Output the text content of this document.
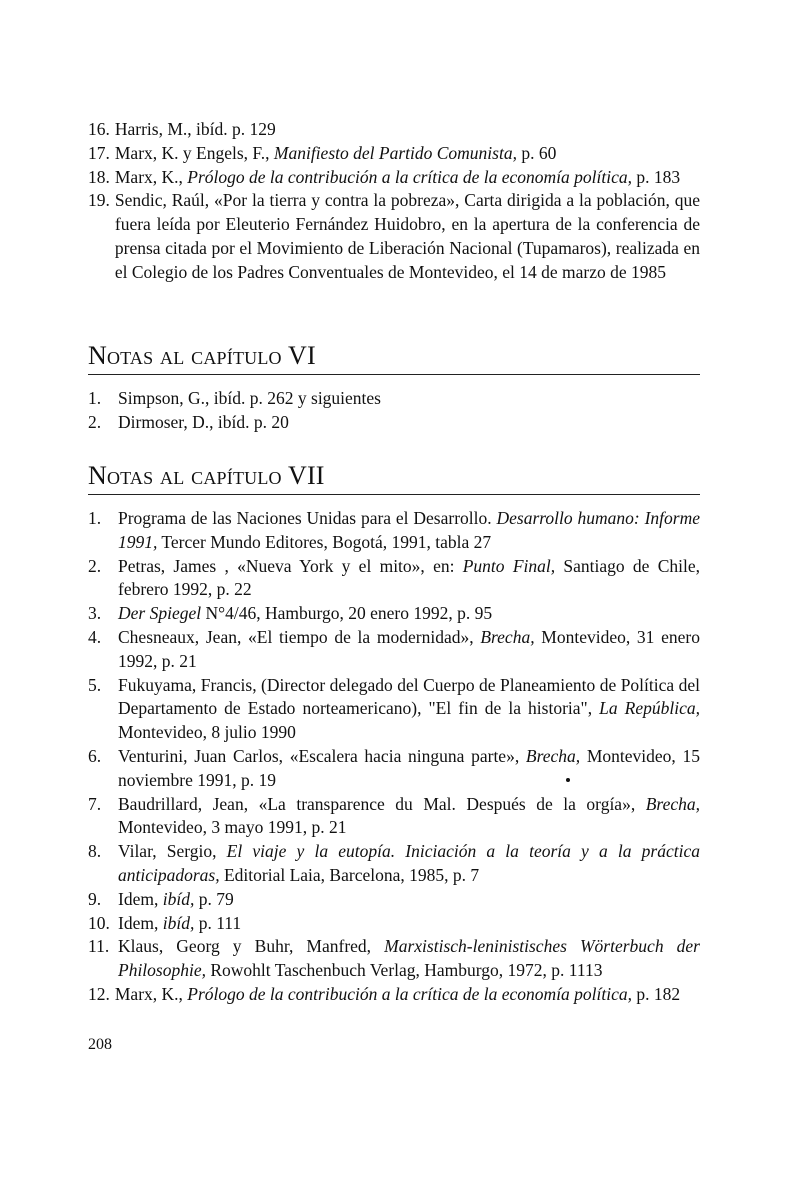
16. Harris, M., ibíd. p. 129
17. Marx, K. y Engels, F., Manifiesto del Partido Comunista, p. 60
18. Marx, K., Prólogo de la contribución a la crítica de la economía política, p. 183
19. Sendic, Raúl, «Por la tierra y contra la pobreza», Carta dirigida a la población, que fuera leída por Eleuterio Fernández Huidobro, en la apertura de la conferencia de prensa citada por el Movimiento de Liberación Nacional (Tupamaros), realizada en el Colegio de los Padres Conventuales de Montevideo, el 14 de marzo de 1985
Notas al capítulo VI
1. Simpson, G., ibíd. p. 262 y siguientes
2. Dirmoser, D., ibíd. p. 20
Notas al capítulo VII
1. Programa de las Naciones Unidas para el Desarrollo. Desarrollo humano: Informe 1991, Tercer Mundo Editores, Bogotá, 1991, tabla 27
2. Petras, James , «Nueva York y el mito», en: Punto Final, Santiago de Chile, febrero 1992, p. 22
3. Der Spiegel N°4/46, Hamburgo, 20 enero 1992, p. 95
4. Chesneaux, Jean, «El tiempo de la modernidad», Brecha, Montevideo, 31 enero 1992, p. 21
5. Fukuyama, Francis, (Director delegado del Cuerpo de Planeamiento de Política del Departamento de Estado norteamericano), "El fin de la historia", La República, Montevideo, 8 julio 1990
6. Venturini, Juan Carlos, «Escalera hacia ninguna parte», Brecha, Montevideo, 15 noviembre 1991, p. 19
7. Baudrillard, Jean, «La transparence du Mal. Después de la orgía», Brecha, Montevideo, 3 mayo 1991, p. 21
8. Vilar, Sergio, El viaje y la eutopía. Iniciación a la teoría y a la práctica anticipadoras, Editorial Laia, Barcelona, 1985, p. 7
9. Idem, ibíd, p. 79
10. Idem, ibíd, p. 111
11. Klaus, Georg y Buhr, Manfred, Marxistisch-leninistisches Wörterbuch der Philosophie, Rowohlt Taschenbuch Verlag, Hamburgo, 1972, p. 1113
12. Marx, K., Prólogo de la contribución a la crítica de la economía política, p. 182
208
